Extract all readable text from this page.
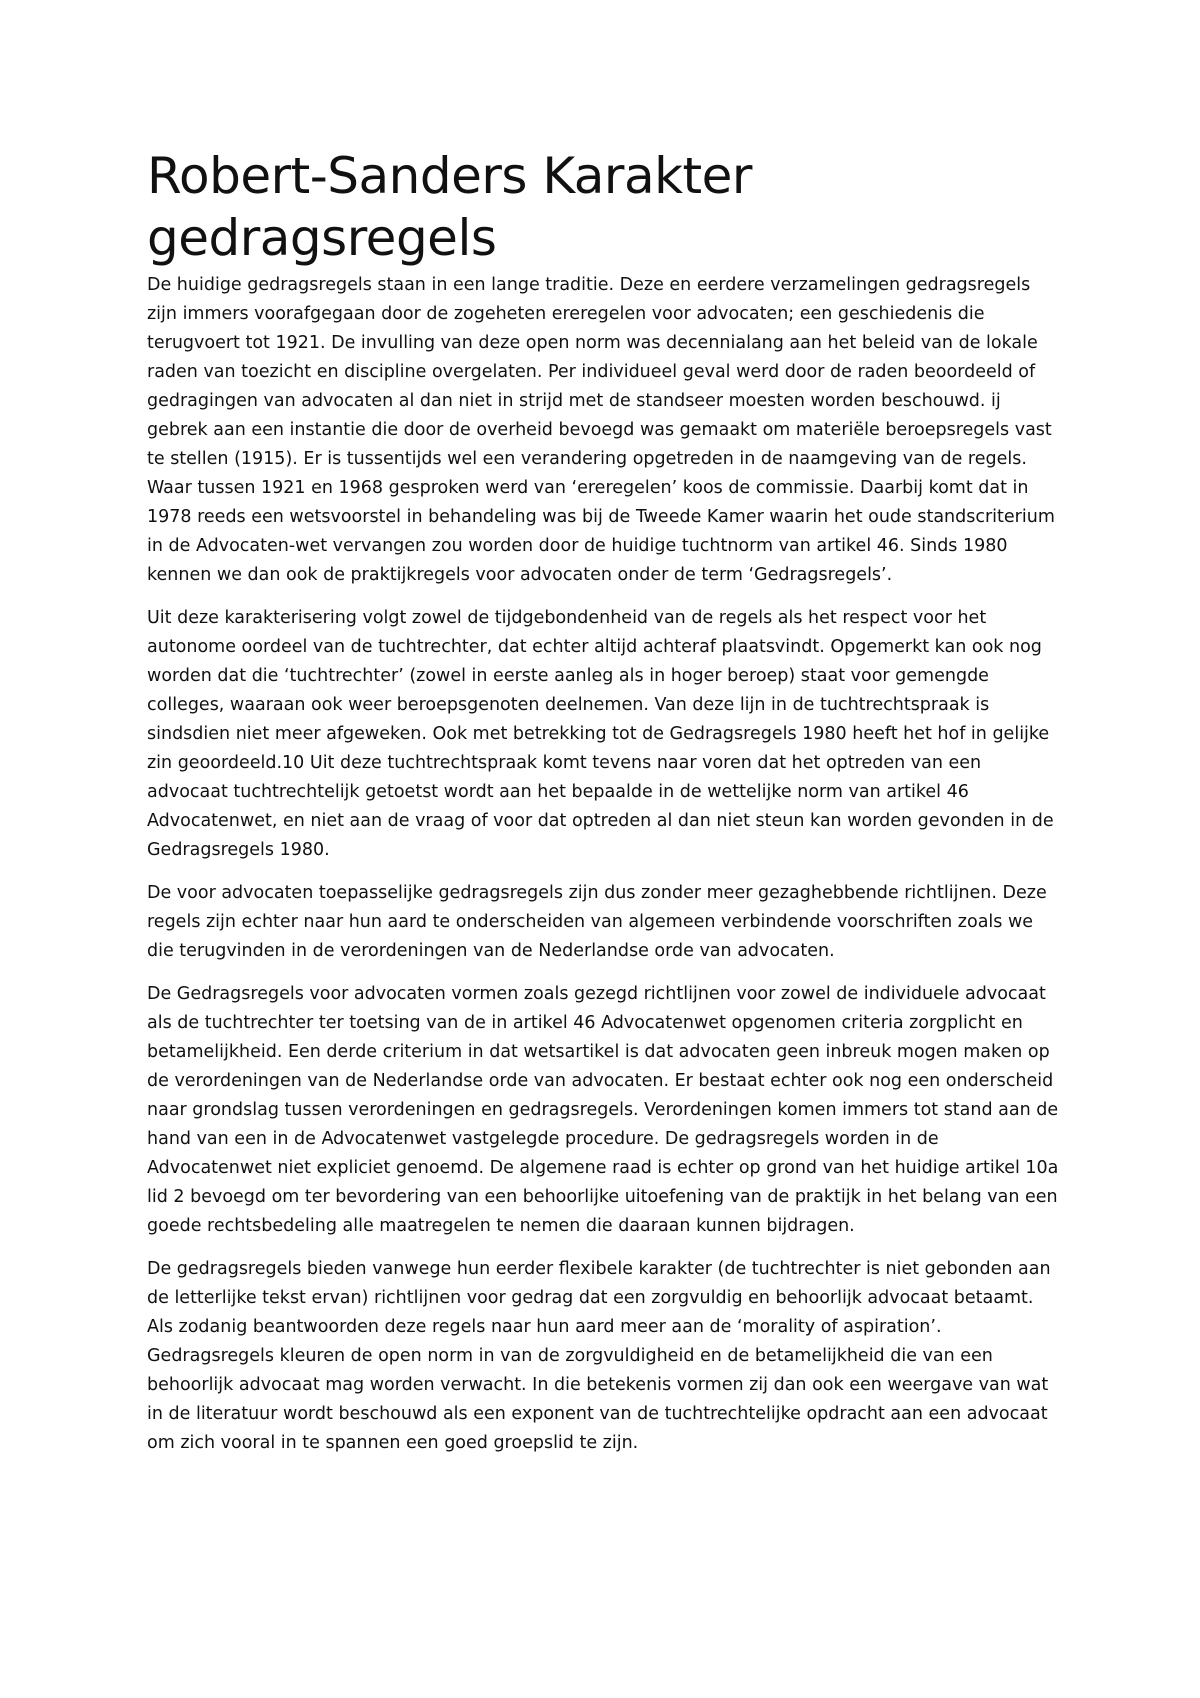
Robert-Sanders Karakter gedragsregels

De huidige gedragsregels staan in een lange traditie. Deze en eerdere verzamelingen gedragsregels zijn immers voorafgegaan door de zogeheten ereregelen voor advocaten; een geschiedenis die terugvoert tot 1921. De invulling van deze open norm was decennialang aan het beleid van de lokale raden van toezicht en discipline overgelaten. Per individueel geval werd door de raden beoordeeld of gedragingen van advocaten al dan niet in strijd met de standseer moesten worden beschouwd. ij gebrek aan een instantie die door de overheid bevoegd was gemaakt om materiële beroepsregels vast te stellen (1915). Er is tussentijds wel een verandering opgetreden in de naamgeving van de regels. Waar tussen 1921 en 1968 gesproken werd van ‘ereregelen’ koos de commissie. Daarbij komt dat in 1978 reeds een wetsvoorstel in behandeling was bij de Tweede Kamer waarin het oude standscriterium in de Advocaten-wet vervangen zou worden door de huidige tuchtnorm van artikel 46. Sinds 1980 kennen we dan ook de praktijkregels voor advocaten onder de term ‘Gedragsregels’.

Uit deze karakterisering volgt zowel de tijdgebondenheid van de regels als het respect voor het autonome oordeel van de tuchtrechter, dat echter altijd achteraf plaatsvindt. Opgemerkt kan ook nog worden dat die ‘tuchtrechter’ (zowel in eerste aanleg als in hoger beroep) staat voor gemengde colleges, waaraan ook weer beroepsgenoten deelnemen. Van deze lijn in de tuchtrechtspraak is sindsdien niet meer afgeweken. Ook met betrekking tot de Gedragsregels 1980 heeft het hof in gelijke zin geoordeeld.10 Uit deze tuchtrechtspraak komt tevens naar voren dat het optreden van een advocaat tuchtrechtelijk getoetst wordt aan het bepaalde in de wettelijke norm van artikel 46 Advocatenwet, en niet aan de vraag of voor dat optreden al dan niet steun kan worden gevonden in de Gedragsregels 1980.

De voor advocaten toepasselijke gedragsregels zijn dus zonder meer gezaghebbende richtlijnen. Deze regels zijn echter naar hun aard te onderscheiden van algemeen verbindende voorschriften zoals we die terugvinden in de verordeningen van de Nederlandse orde van advocaten.

De Gedragsregels voor advocaten vormen zoals gezegd richtlijnen voor zowel de individuele advocaat als de tuchtrechter ter toetsing van de in artikel 46 Advocatenwet opgenomen criteria zorgplicht en betamelijkheid. Een derde criterium in dat wetsartikel is dat advocaten geen inbreuk mogen maken op de verordeningen van de Nederlandse orde van advocaten. Er bestaat echter ook nog een onderscheid naar grondslag tussen verordeningen en gedragsregels. Verordeningen komen immers tot stand aan de hand van een in de Advocatenwet vastgelegde procedure. De gedragsregels worden in de Advocatenwet niet expliciet genoemd. De algemene raad is echter op grond van het huidige artikel 10a lid 2 bevoegd om ter bevordering van een behoorlijke uitoefening van de praktijk in het belang van een goede rechtsbedeling alle maatregelen te nemen die daaraan kunnen bijdragen.

De gedragsregels bieden vanwege hun eerder flexibele karakter (de tuchtrechter is niet gebonden aan de letterlijke tekst ervan) richtlijnen voor gedrag dat een zorgvuldig en behoorlijk advocaat betaamt. Als zodanig beantwoorden deze regels naar hun aard meer aan de ‘morality of aspiration’. Gedragsregels kleuren de open norm in van de zorgvuldigheid en de betamelijkheid die van een behoorlijk advocaat mag worden verwacht. In die betekenis vormen zij dan ook een weergave van wat in de literatuur wordt beschouwd als een exponent van de tuchtrechtelijke opdracht aan een advocaat om zich vooral in te spannen een goed groepslid te zijn.
